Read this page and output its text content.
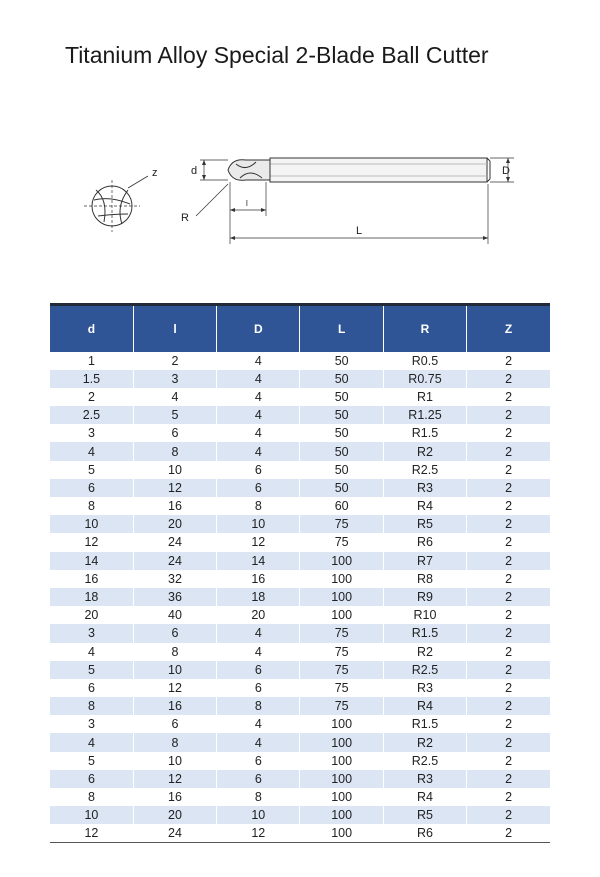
Titanium Alloy Special 2-Blade Ball Cutter
z	d	D
R
l
L
d	l	D	L	R	Z
1	2	4	50	R0.5	2
1.5	3	4	50	R0.75	2
2	4	4	50	R1	2
2.5	5	4	50	R1.25	2
3	6	4	50	R1.5	2
4	8	4	50	R2	2
5	10	6	50	R2.5	2
6	12	6	50	R3	2
8	16	8	60	R4	2
10	20	10	75	R5	2
12	24	12	75	R6	2
14	24	14	100	R7	2
16	32	16	100	R8	2
18	36	18	100	R9	2
20	40	20	100	R10	2
3	6	4	75	R1.5	2
4	8	4	75	R2	2
5	10	6	75	R2.5	2
6	12	6	75	R3	2
8	16	8	75	R4	2
3	6	4	100	R1.5	2
4	8	4	100	R2	2
5	10	6	100	R2.5	2
6	12	6	100	R3	2
8	16	8	100	R4	2
10	20	10	100	R5	2
12	24	12	100	R6	2
